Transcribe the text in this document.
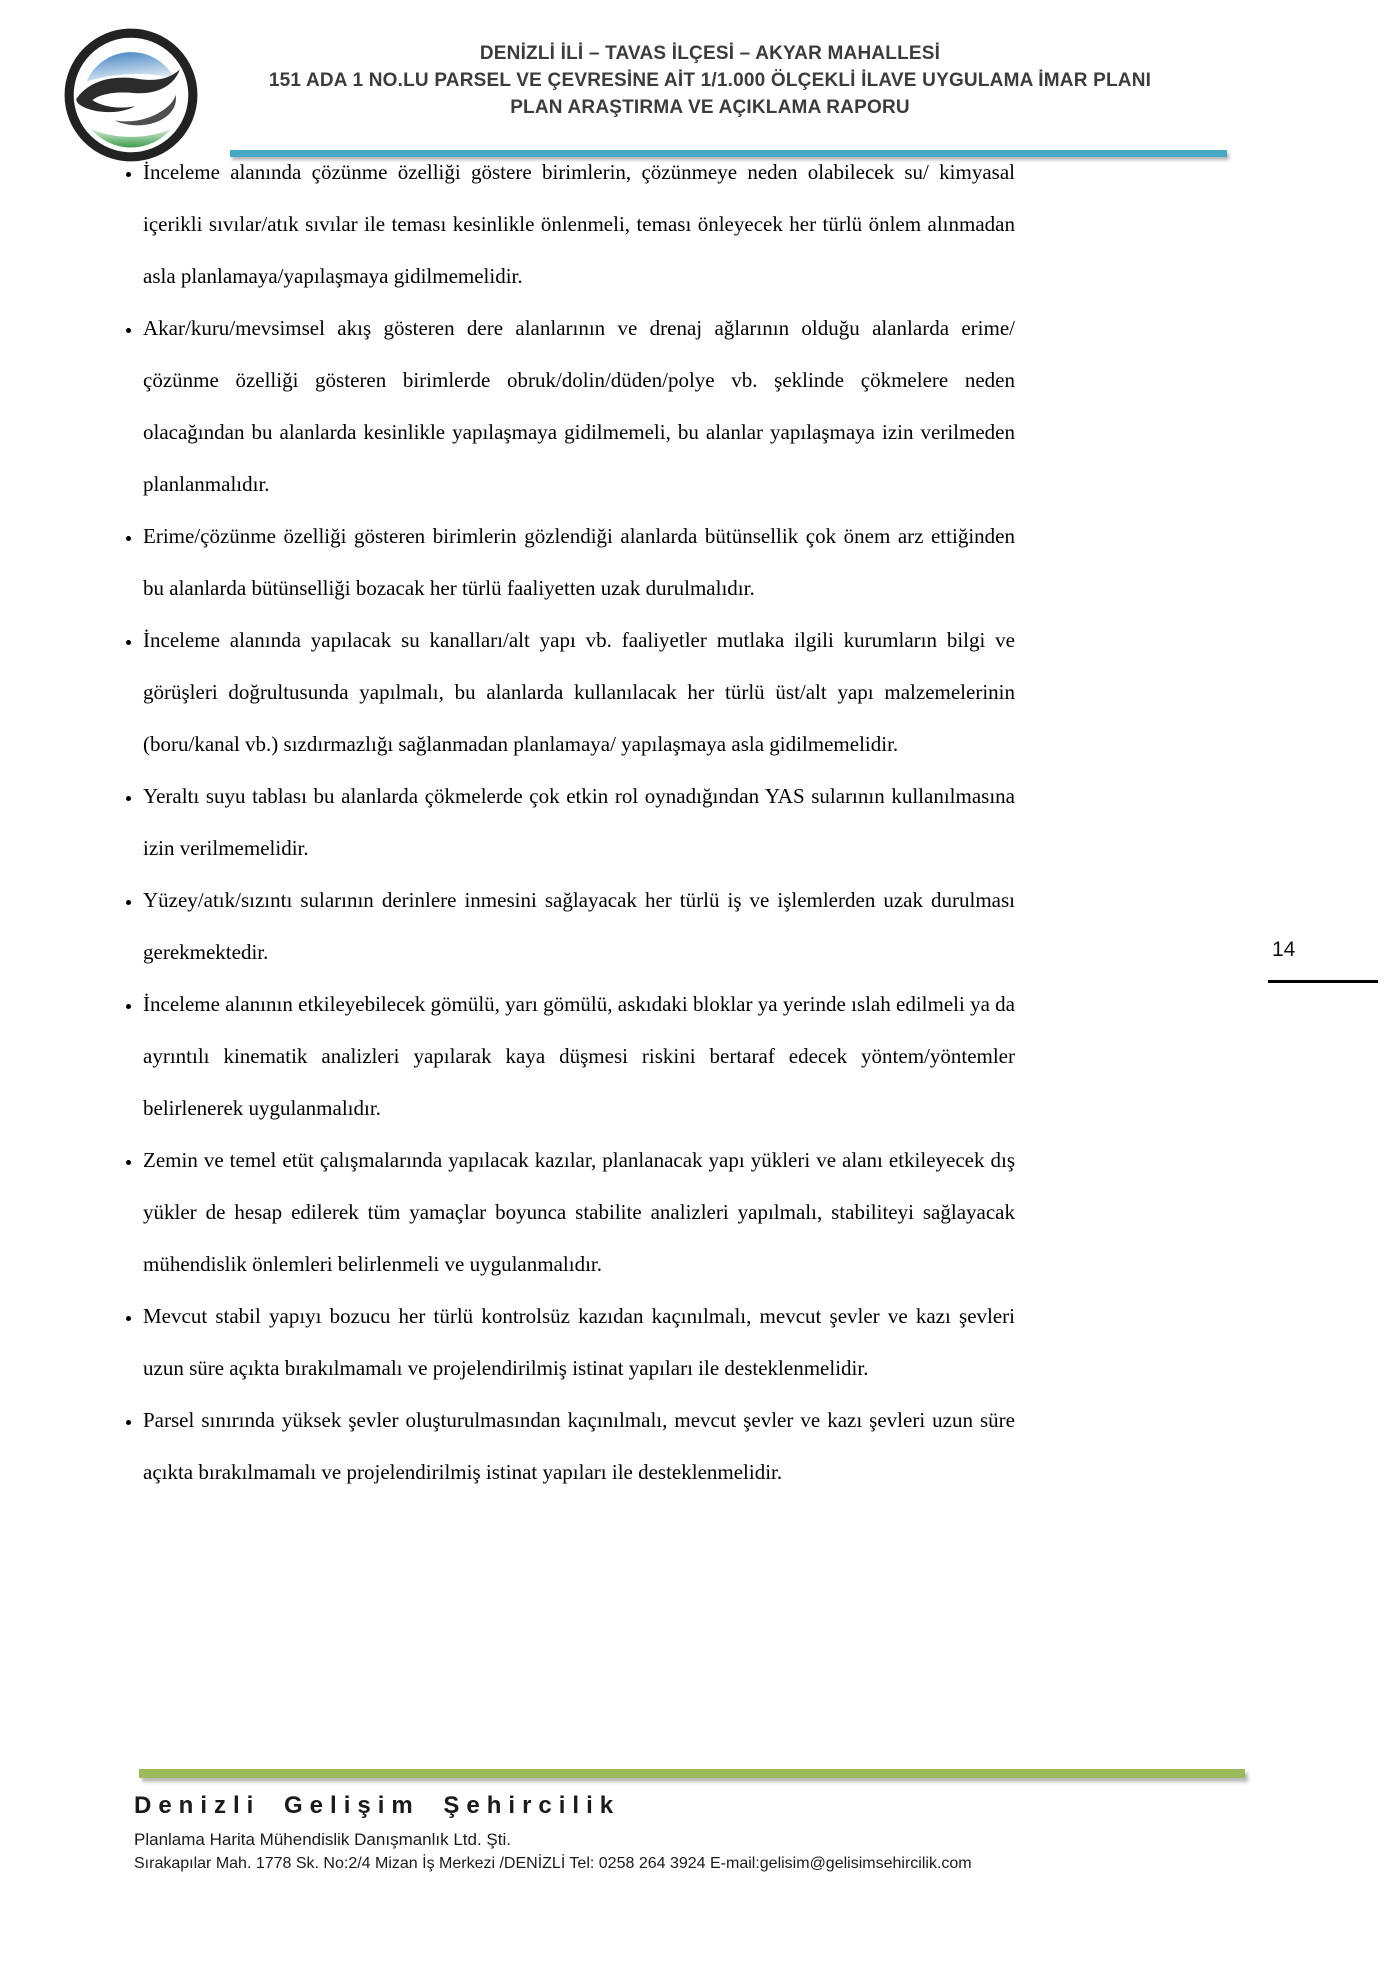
DENİZLİ İLİ – TAVAS İLÇESİ – AKYAR MAHALLESİ
151 ADA 1 NO.LU PARSEL VE ÇEVRESİNE AİT 1/1.000 ÖLÇEKLİ İLAVE UYGULAMA İMAR PLANI
PLAN ARAŞTIRMA VE AÇIKLAMA RAPORU
• İnceleme alanında çözünme özelliği göstere birimlerin, çözünmeye neden olabilecek su/ kimyasal içerikli sıvılar/atık sıvılar ile teması kesinlikle önlenmeli, teması önleyecek her türlü önlem alınmadan asla planlamaya/yapılaşmaya gidilmemelidir.
• Akar/kuru/mevsimsel akış gösteren dere alanlarının ve drenaj ağlarının olduğu alanlarda erime/çözünme özelliği gösteren birimlerde obruk/dolin/düden/polye vb. şeklinde çökmelere neden olacağından bu alanlarda kesinlikle yapılaşmaya gidilmemeli, bu alanlar yapılaşmaya izin verilmeden planlanmalıdır.
• Erime/çözünme özelliği gösteren birimlerin gözlendiği alanlarda bütünsellik çok önem arz ettiğinden bu alanlarda bütünselliği bozacak her türlü faaliyetten uzak durulmalıdır.
• İnceleme alanında yapılacak su kanalları/alt yapı vb. faaliyetler mutlaka ilgili kurumların bilgi ve görüşleri doğrultusunda yapılmalı, bu alanlarda kullanılacak her türlü üst/alt yapı malzemelerinin (boru/kanal vb.) sızdırmazlığı sağlanmadan planlamaya/ yapılaşmaya asla gidilmemelidir.
• Yeraltı suyu tablası bu alanlarda çökmelerde çok etkin rol oynadığından YAS sularının kullanılmasına izin verilmemelidir.
• Yüzey/atık/sızıntı sularının derinlere inmesini sağlayacak her türlü iş ve işlemlerden uzak durulması gerekmektedir.
• İnceleme alanının etkileyebilecek gömülü, yarı gömülü, askıdaki bloklar ya yerinde ıslah edilmeli ya da ayrıntılı kinematik analizleri yapılarak kaya düşmesi riskini bertaraf edecek yöntem/yöntemler belirlenerek uygulanmalıdır.
• Zemin ve temel etüt çalışmalarında yapılacak kazılar, planlanacak yapı yükleri ve alanı etkileyecek dış yükler de hesap edilerek tüm yamaçlar boyunca stabilite analizleri yapılmalı, stabiliteyi sağlayacak mühendislik önlemleri belirlenmeli ve uygulanmalıdır.
• Mevcut stabil yapıyı bozucu her türlü kontrolsüz kazıdan kaçınılmalı, mevcut şevler ve kazı şevleri uzun süre açıkta bırakılmamalı ve projelendirilmiş istinat yapıları ile desteklenmelidir.
• Parsel sınırında yüksek şevler oluşturulmasından kaçınılmalı, mevcut şevler ve kazı şevleri uzun süre açıkta bırakılmamalı ve projelendirilmiş istinat yapıları ile desteklenmelidir.
14
Denizli Gelişim Şehircilik
Planlama Harita Mühendislik Danışmanlık Ltd. Şti.
Sırakapılar Mah. 1778 Sk. No:2/4 Mizan İş Merkezi /DENİZLİ Tel: 0258 264 3924 E-mail:gelisim@gelisimsehircilik.com
